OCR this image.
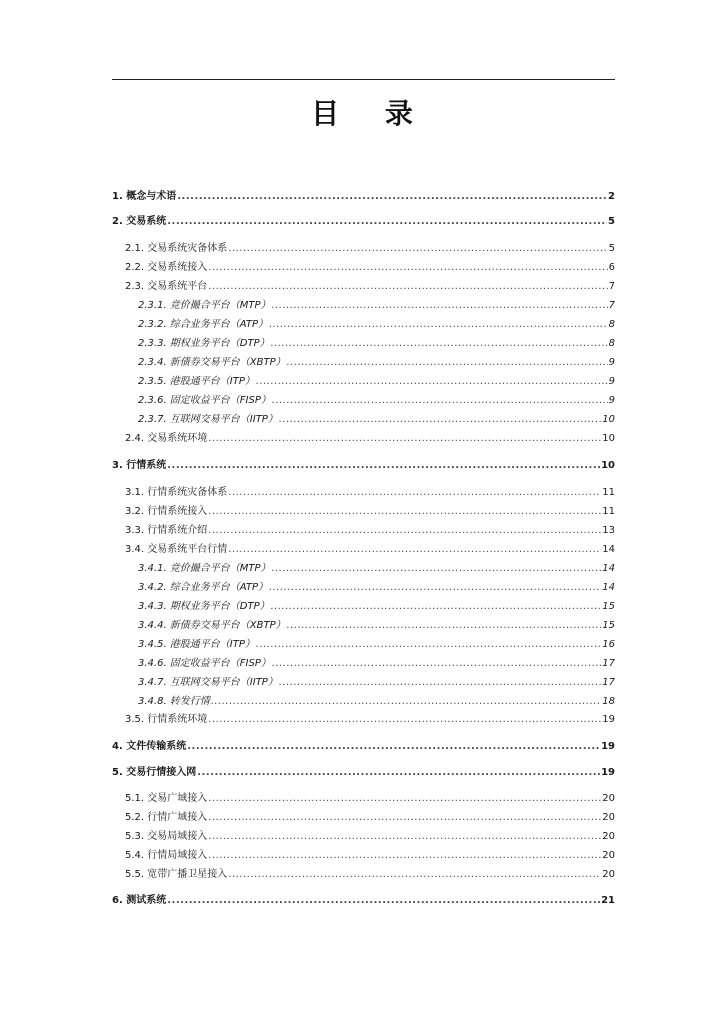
目 录
1. 概念与术语 .....	2
2. 交易系统 .....	5
2.1. 交易系统灾备体系 .....	5
2.2. 交易系统接入 .....	6
2.3. 交易系统平台 .....	7
2.3.1. 竞价撮合平台（MTP） .....	7
2.3.2. 综合业务平台（ATP） .....	8
2.3.3. 期权业务平台（DTP） .....	8
2.3.4. 新债券交易平台（XBTP） .....	9
2.3.5. 港股通平台（ITP） .....	9
2.3.6. 固定收益平台（FISP） .....	9
2.3.7. 互联网交易平台（IITP） .....	10
2.4. 交易系统环境 .....	10
3. 行情系统 .....	10
3.1. 行情系统灾备体系 .....	11
3.2. 行情系统接入 .....	11
3.3. 行情系统介绍 .....	13
3.4. 交易系统平台行情 .....	14
3.4.1. 竞价撮合平台（MTP） .....	14
3.4.2. 综合业务平台（ATP） .....	14
3.4.3. 期权业务平台（DTP） .....	15
3.4.4. 新债券交易平台（XBTP） .....	15
3.4.5. 港股通平台（ITP） .....	16
3.4.6. 固定收益平台（FISP） .....	17
3.4.7. 互联网交易平台（IITP） .....	17
3.4.8. 转发行情 .....	18
3.5. 行情系统环境 .....	19
4. 文件传输系统 .....	19
5. 交易行情接入网 .....	19
5.1. 交易广域接入 .....	20
5.2. 行情广域接入 .....	20
5.3. 交易局域接入 .....	20
5.4. 行情局域接入 .....	20
5.5. 宽带广播卫星接入 .....	20
6. 测试系统 .....	21
